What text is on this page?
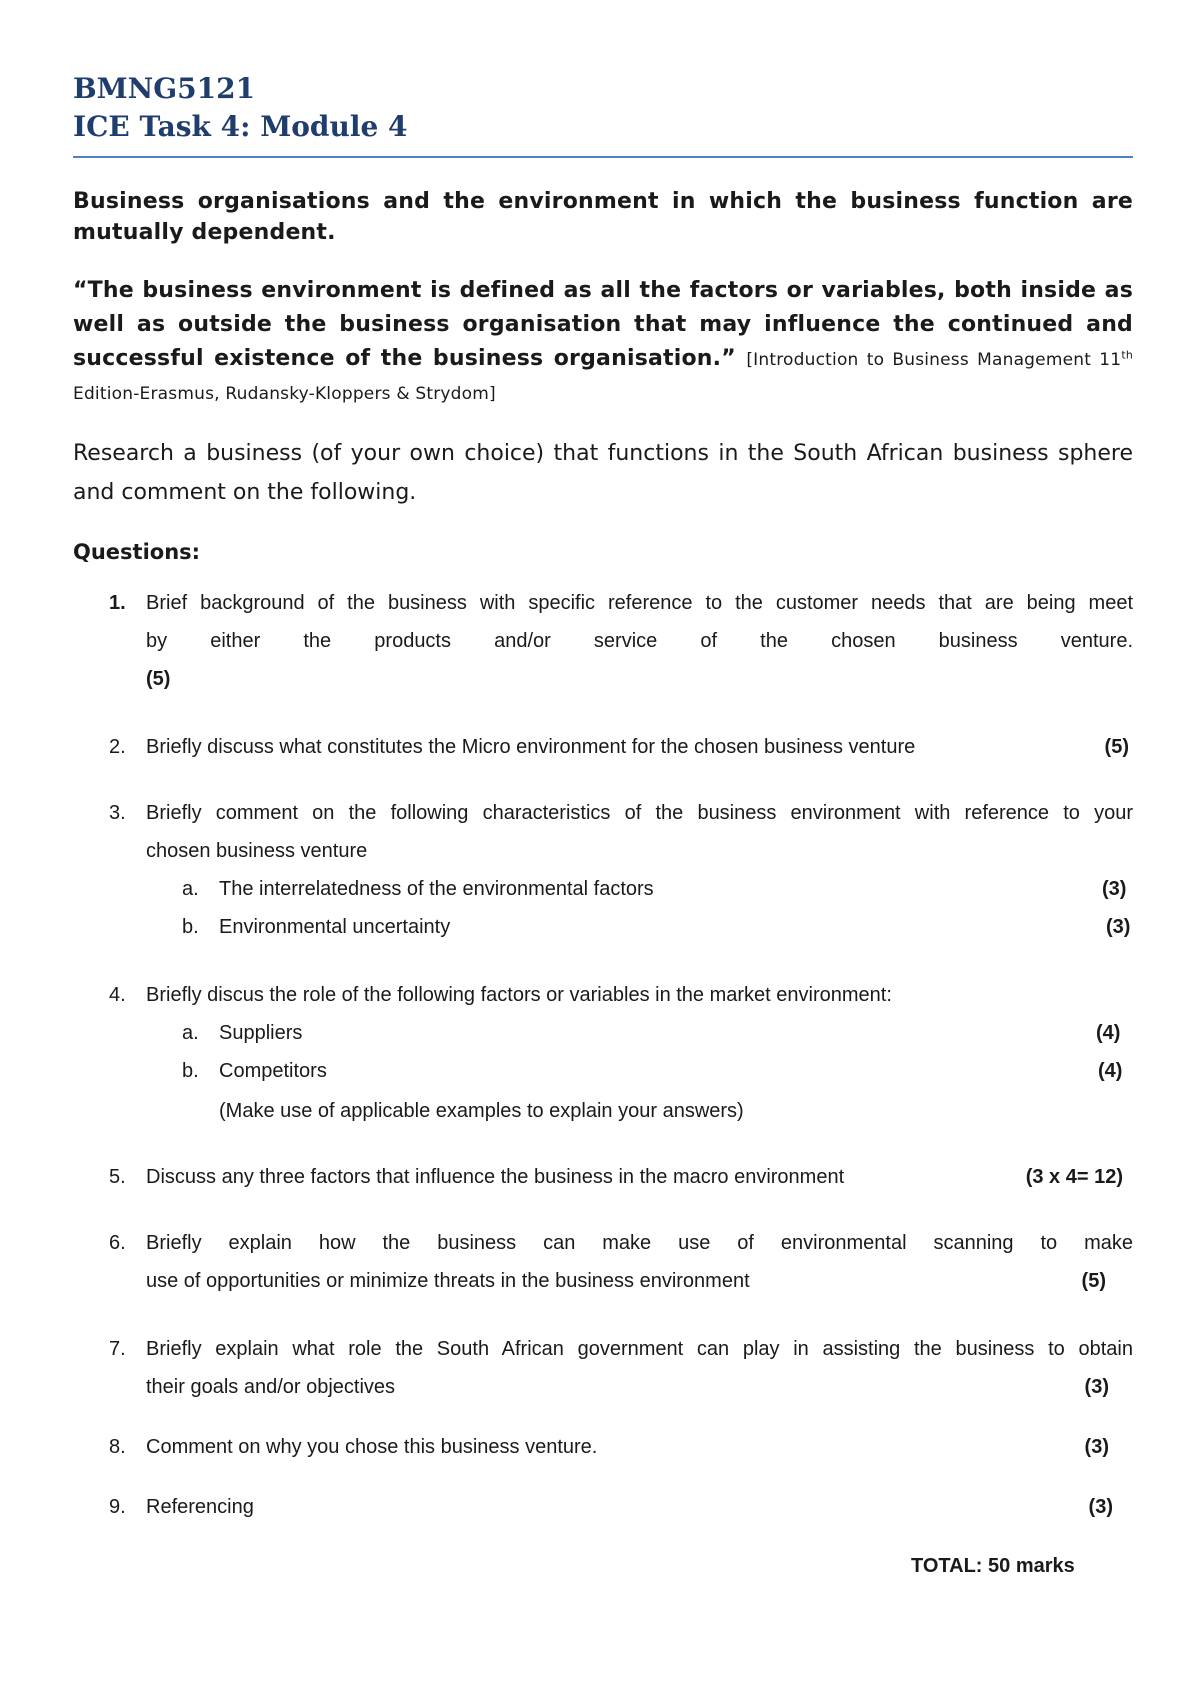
BMNG5121
ICE Task 4: Module 4
Business organisations and the environment in which the business function are mutually dependent.
“The business environment is defined as all the factors or variables, both inside as well as outside the business organisation that may influence the continued and successful existence of the business organisation.” [Introduction to Business Management 11th Edition-Erasmus, Rudansky-Kloppers & Strydom]
Research a business (of your own choice) that functions in the South African business sphere and comment on the following.
Questions:
1.	Brief background of the business with specific reference to the customer needs that are being meet
by either the products and/or service of the chosen business venture.
(5)
2.	Briefly discuss what constitutes the Micro environment for the chosen business venture	(5)
3.	Briefly comment on the following characteristics of the business environment with reference to your
chosen business venture
a. The interrelatedness of the environmental factors	(3)
b. Environmental uncertainty	(3)
4.	Briefly discus the role of the following factors or variables in the market environment:
a. Suppliers	(4)
b. Competitors	(4)
(Make use of applicable examples to explain your answers)
5.	Discuss any three factors that influence the business in the macro environment	(3 x 4= 12)
6.	Briefly explain how the business can make use of environmental scanning to make
use of opportunities or minimize threats in the business environment	(5)
7.	Briefly explain what role the South African government can play in assisting the business to obtain
their goals and/or objectives	(3)
8.	Comment on why you chose this business venture.	(3)
9.	Referencing	(3)
TOTAL: 50 marks
